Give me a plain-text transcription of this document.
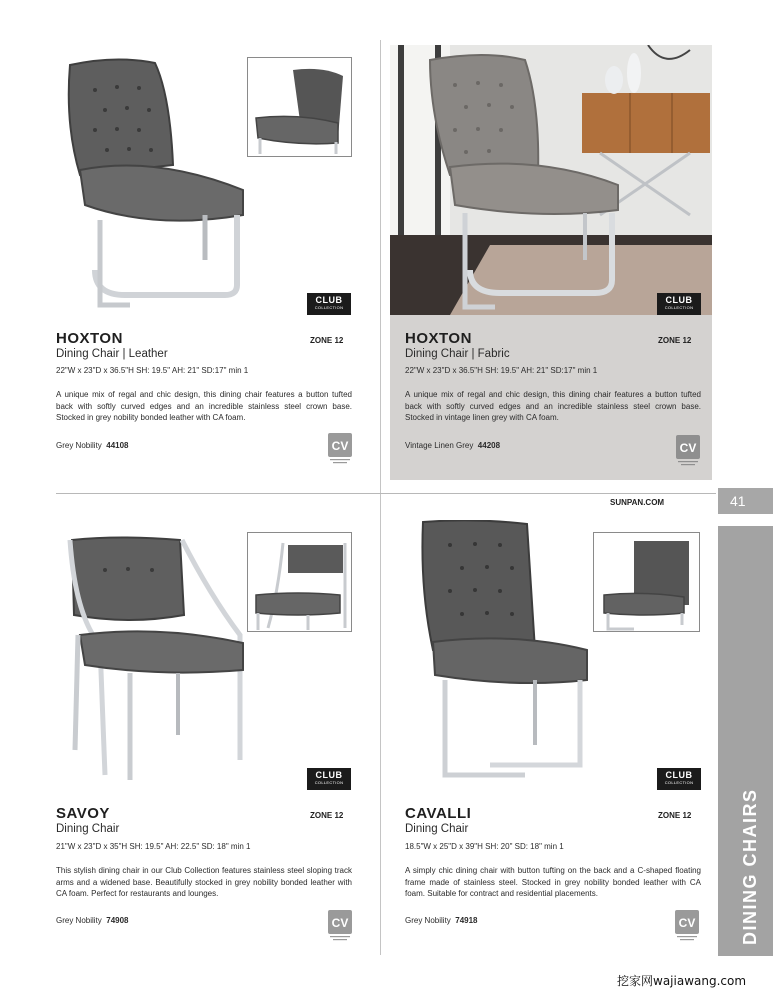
CLUB
COLLECTION
HOXTON	ZONE 12
Dining Chair | Leather
22"W x 23"D x 36.5"H SH: 19.5" AH: 21" SD:17" min 1
A unique mix of regal and chic design, this dining chair features a button tufted back with softly curved edges and an incredible stainless steel crown base. Stocked in grey nobility bonded leather with CA foam.
Grey Nobility 44108	CV
CLUB
COLLECTION
HOXTON	ZONE 12
Dining Chair | Fabric
22"W x 23"D x 36.5"H SH: 19.5" AH: 21" SD:17" min 1
A unique mix of regal and chic design, this dining chair features a button tufted back with softly curved edges and an incredible stainless steel crown base. Stocked in vintage linen grey with CA foam.
Vintage Linen Grey 44208	CV
CLUB
COLLECTION
SAVOY	ZONE 12
Dining Chair
21"W x 23"D x 35"H SH: 19.5" AH: 22.5" SD: 18" min 1
This stylish dining chair in our Club Collection features stainless steel sloping track arms and a widened base. Beautifully stocked in grey nobility bonded leather with CA foam. Perfect for restaurants and lounges.
Grey Nobility 74908	CV
CLUB
COLLECTION
CAVALLI	ZONE 12
Dining Chair
18.5"W x 25"D x 39"H SH: 20" SD: 18" min 1
A simply chic dining chair with button tufting on the back and a C-shaped floating frame made of stainless steel. Stocked in grey nobility bonded leather with CA foam. Suitable for contract and residential placements.
Grey Nobility 74918	CV
SUNPAN.COM	41
DINING CHAIRS
挖家网wajiawang.com
